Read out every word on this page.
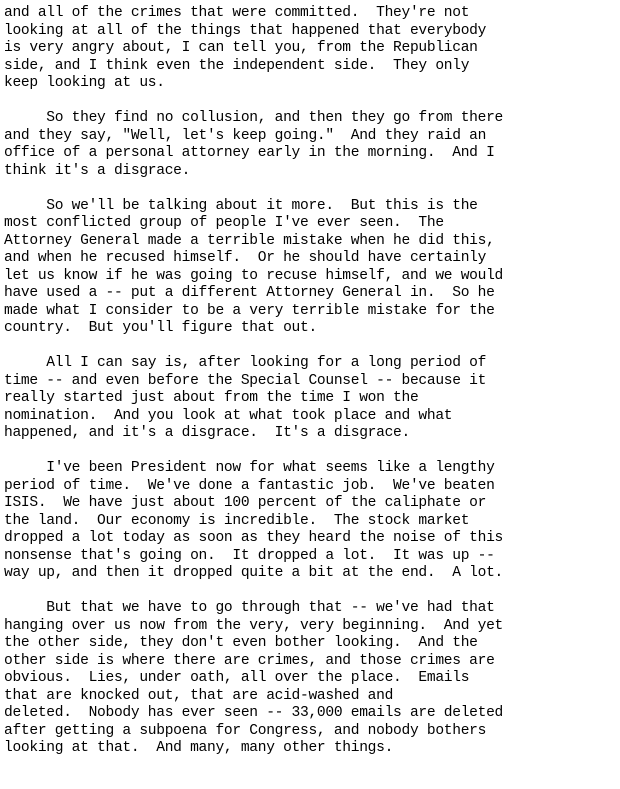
and all of the crimes that were committed.  They're not
looking at all of the things that happened that everybody
is very angry about, I can tell you, from the Republican
side, and I think even the independent side.  They only
keep looking at us.

So they find no collusion, and then they go from there
and they say, "Well, let's keep going."  And they raid an
office of a personal attorney early in the morning.  And I
think it's a disgrace.

So we'll be talking about it more.  But this is the
most conflicted group of people I've ever seen.  The
Attorney General made a terrible mistake when he did this,
and when he recused himself.  Or he should have certainly
let us know if he was going to recuse himself, and we would
have used a -- put a different Attorney General in.  So he
made what I consider to be a very terrible mistake for the
country.  But you'll figure that out.

All I can say is, after looking for a long period of
time -- and even before the Special Counsel -- because it
really started just about from the time I won the
nomination.  And you look at what took place and what
happened, and it's a disgrace.  It's a disgrace.

I've been President now for what seems like a lengthy
period of time.  We've done a fantastic job.  We've beaten
ISIS.  We have just about 100 percent of the caliphate or
the land.  Our economy is incredible.  The stock market
dropped a lot today as soon as they heard the noise of this
nonsense that's going on.  It dropped a lot.  It was up --
way up, and then it dropped quite a bit at the end.  A lot.

But that we have to go through that -- we've had that
hanging over us now from the very, very beginning.  And yet
the other side, they don't even bother looking.  And the
other side is where there are crimes, and those crimes are
obvious.  Lies, under oath, all over the place.  Emails
that are knocked out, that are acid-washed and
deleted.  Nobody has ever seen -- 33,000 emails are deleted
after getting a subpoena for Congress, and nobody bothers
looking at that.  And many, many other things.
